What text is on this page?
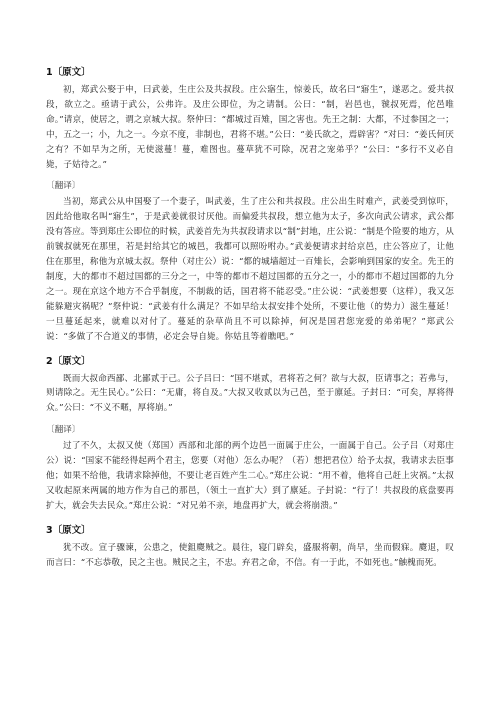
1〔原文〕

初，郑武公娶于申，曰武姜，生庄公及共叔段。庄公寤生，惊姜氏，故名曰“寤生”，遂恶之。爱共叔段，欲立之。亟请于武公，公弗许。及庄公即位，为之请制。公曰：“制，岩邑也，虢叔死焉，佗邑唯命。”请京，使居之，谓之京城大叔。祭仲曰：“都城过百雉，国之害也。先王之制：大都，不过参国之一；中，五之一；小，九之一。今京不度，非制也，君将不堪。”公曰：“姜氏欲之，焉辟害？”对曰：“姜氏何厌之有？不如早为之所，无使滋蔓！蔓，难图也。蔓草犹不可除，况君之宠弟乎？”公曰：“多行不义必自毙，子姑待之。”

〔翻译〕

当初，郑武公从申国娶了一个妻子，叫武姜，生了庄公和共叔段。庄公出生时难产，武姜受到惊吓，因此给他取名叫“寤生”，于是武姜就很讨厌他。而偏爱共叔段，想立他为太子，多次向武公请求，武公都没有答应。等到郑庄公即位的时候，武姜首先为共叔段请求以“制”封地，庄公说：“制是个险要的地方，从前虢叔就死在那里，若是封给其它的城邑，我都可以照吩咐办。”武姜便请求封给京邑，庄公答应了，让他住在那里，称他为京城太叔。祭仲（对庄公）说：“都的城墙超过一百雉长，会影响到国家的安全。先王的制度，大的都市不超过国都的三分之一，中等的都市不超过国都的五分之一，小的都市不超过国都的九分之一。现在京这个地方不合乎制度，不制裁的话，国君将不能忍受。”庄公说：“武姜想要（这样），我又怎能躲避灾祸呢？”祭仲说：“武姜有什么满足？不如早给太叔安排个处所，不要让他（的势力）滋生蔓延！一旦蔓延起来，就难以对付了。蔓延的杂草尚且不可以除掉，何况是国君您宠爱的弟弟呢？”郑武公说：“多做了不合道义的事情，必定会导自毙。你姑且等着瞧吧。”

2〔原文〕

既而大叔命西鄙、北鄙贰于己。公子吕曰：“国不堪贰，君将若之何？欲与大叔，臣请事之；若弗与，则请除之。无生民心。”公曰：“无庸，将自及。”大叔又收贰以为己邑，至于廪延。子封曰：“可矣，厚将得众。”公曰：“不义不暱，厚将崩。”

〔翻译〕

过了不久，太叔又使（郑国）西部和北部的两个边邑一面属于庄公，一面属于自己。公子吕（对郑庄公）说：“国家不能经得起两个君主，您要（对他）怎么办呢？（若）想把君位）给予太叔，我请求去臣事他；如果不给他，我请求除掉他，不要让老百姓产生二心。”郑庄公说：“用不着，他将自己赶上灾祸。”太叔又收起原来两属的地方作为自己的那邑，（领土一直扩大）到了廪延。子封说：“行了！共叔段的底盘要再扩大，就会失去民众。”郑庄公说：“对兄弟不亲，地盘再扩大，就会将崩溃。”

3〔原文〕

犹不改。宣子骤谏，公患之，使鉏麑贼之。晨往，寝门辟矣，盛服将朝，尚早，坐而假寐。麑退，叹而言曰：“不忘恭敬，民之主也。贼民之主，不忠。弃君之命，不信。有一于此，不如死也。”触槐而死。
